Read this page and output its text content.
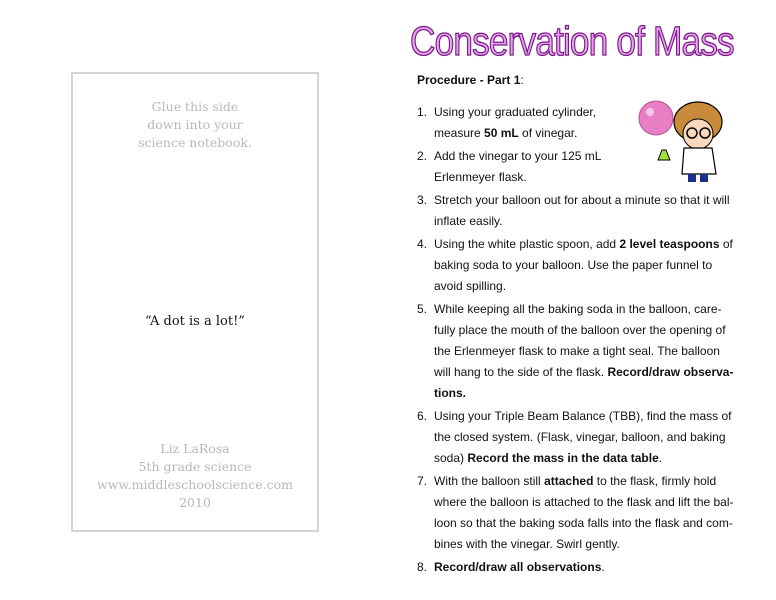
Glue this side
down into your
science notebook.
“A dot is a lot!”
Liz LaRosa
5th grade science
www.middleschoolscience.com
2010
Conservation of Mass
Procedure - Part 1:
1. Using your graduated cylinder,
measure 50 mL of vinegar.
2. Add the vinegar to your 125 mL
Erlenmeyer flask.
3. Stretch your balloon out for about a minute so that it will
inflate easily.
4. Using the white plastic spoon, add 2 level teaspoons of
baking soda to your balloon. Use the paper funnel to
avoid spilling.
5. While keeping all the baking soda in the balloon, care-
fully place the mouth of the balloon over the opening of
the Erlenmeyer flask to make a tight seal. The balloon
will hang to the side of the flask. Record/draw observa-
tions.
6. Using your Triple Beam Balance (TBB), find the mass of
the closed system. (Flask, vinegar, balloon, and baking
soda) Record the mass in the data table.
7. With the balloon still attached to the flask, firmly hold
where the balloon is attached to the flask and lift the bal-
loon so that the baking soda falls into the flask and com-
bines with the vinegar. Swirl gently.
8. Record/draw all observations.
